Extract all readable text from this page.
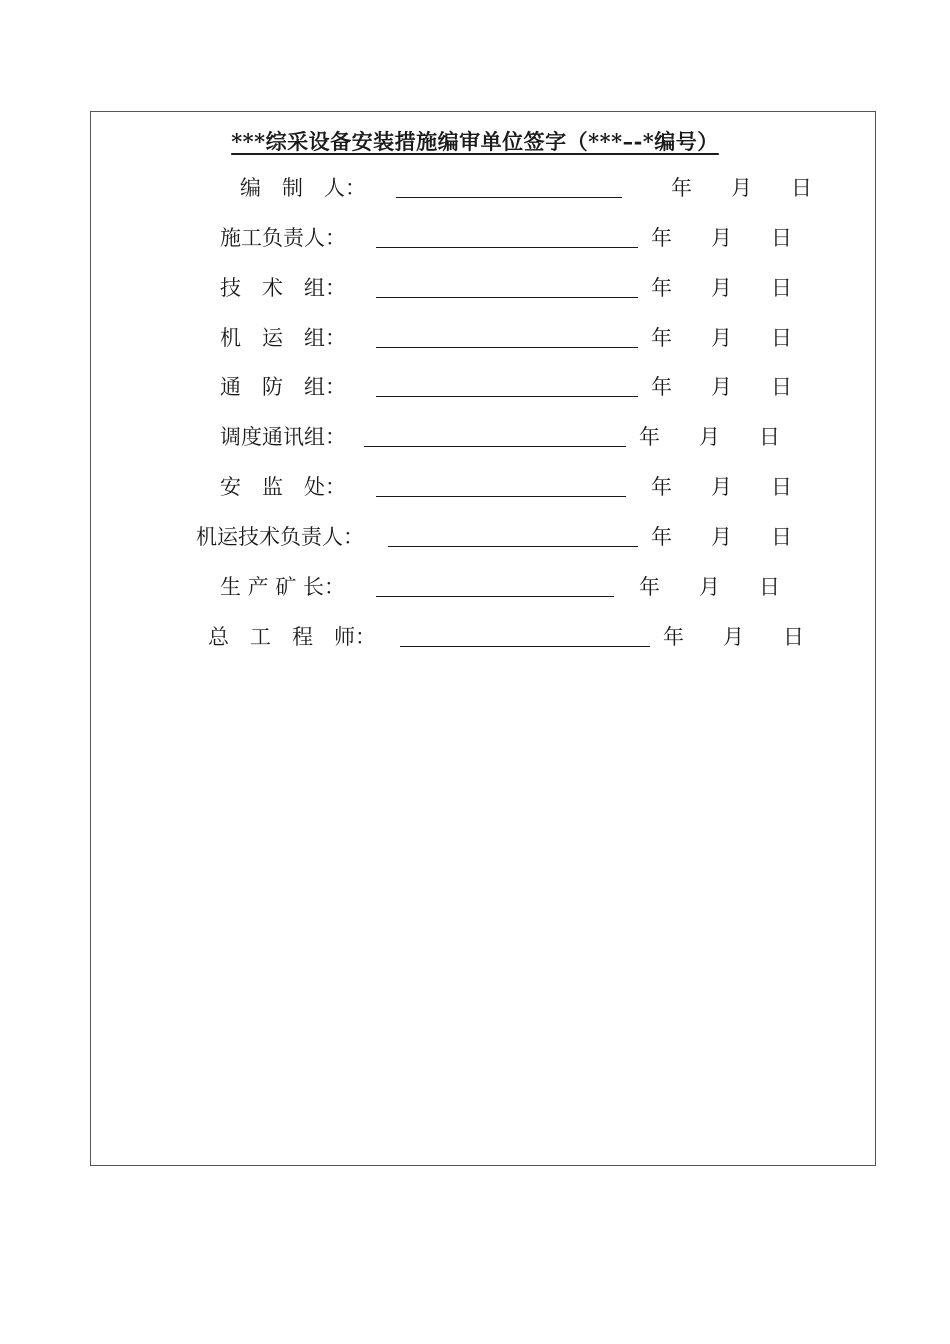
***综采设备安装措施编审单位签字（***–-*编号）
编　制　人：	年 月 日
施工负责人：	年 月 日
技　术　组：	年 月 日
机　运　组：	年 月 日
通　防　组：	年 月 日
调度通讯组：	年 月 日
安　监　处：	年 月 日
机运技术负责人：	年 月 日
生 产 矿 长：	年 月 日
总　工　程　师：	年 月 日
